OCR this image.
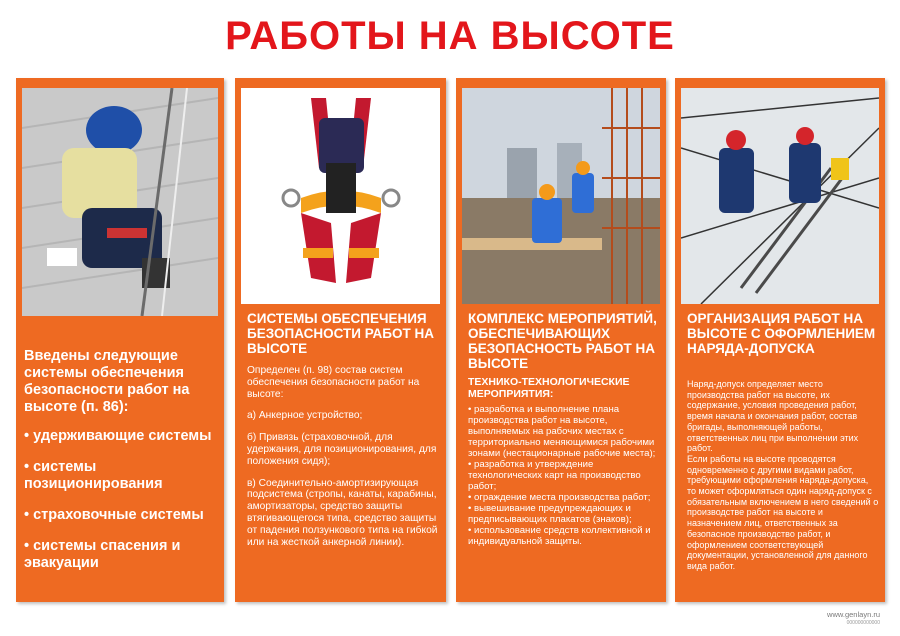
РАБОТЫ НА ВЫСОТЕ

Введены следующие системы обеспечения безопасности работ на высоте (п. 86):

• удерживающие системы
• системы позиционирования
• страховочные системы
• системы спасения и эвакуации
СИСТЕМЫ ОБЕСПЕЧЕНИЯ БЕЗОПАСНОСТИ РАБОТ НА ВЫСОТЕ

Определен (п. 98) состав систем обеспечения безопасности работ на высоте:

а) Анкерное устройство;

б) Привязь (страховочной, для удержания, для позиционирования, для положения сидя);

в) Соединительно-амортизирующая подсистема (стропы, канаты, карабины, амортизаторы, средство защиты втягивающегося типа, средство защиты от падения ползункового типа на гибкой или на жесткой анкерной линии).

КОМПЛЕКС МЕРОПРИЯТИЙ, ОБЕСПЕЧИВАЮЩИХ БЕЗОПАСНОСТЬ РАБОТ НА ВЫСОТЕ
ТЕХНИКО-ТЕХНОЛОГИЧЕСКИЕ МЕРОПРИЯТИЯ:
• разработка и выполнение плана производства работ на высоте, выполняемых на рабочих местах с территориально меняющимися рабочими зонами (нестационарные рабочие места);
• разработка и утверждение технологических карт на производство работ;
• ограждение места производства работ;
• вывешивание предупреждающих и предписывающих плакатов (знаков);
• использование средств коллективной и индивидуальной защиты.
ОРГАНИЗАЦИЯ РАБОТ НА ВЫСОТЕ С ОФОРМЛЕНИЕМ НАРЯДА-ДОПУСКА

Наряд-допуск определяет место производства работ на высоте, их содержание, условия проведения работ, время начала и окончания работ, состав бригады, выполняющей работы, ответственных лиц при выполнении этих работ.

Если работы на высоте проводятся одновременно с другими видами работ, требующими оформления наряда-допуска, то может оформляться один наряд-допуск с обязательным включением в него сведений о производстве работ на высоте и назначением лиц, ответственных за безопасное производство работ, и оформлением соответствующей документации, установленной для данного вида работ.

www.genlayn.ru
000000000000
